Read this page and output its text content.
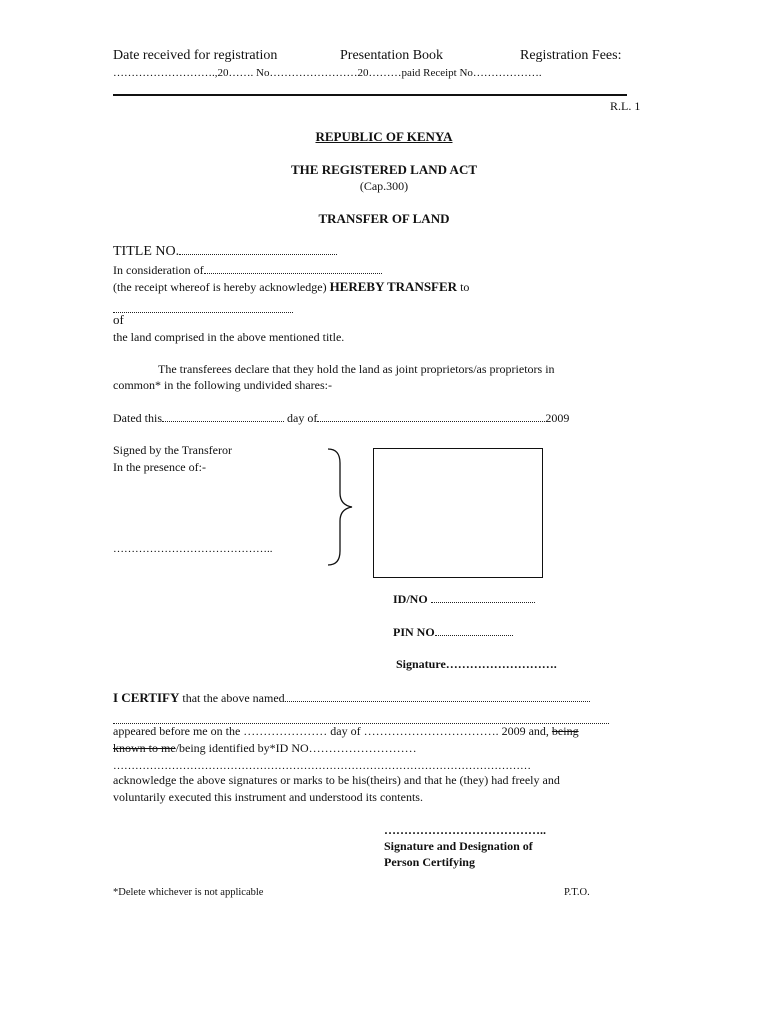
Date received for registration	Presentation Book	Registration Fees:
……………………….,20……. No……………………20………paid Receipt No……………….
R.L. 1
REPUBLIC OF KENYA
THE REGISTERED LAND ACT
(Cap.300)
TRANSFER OF LAND
TITLE NO.
In consideration of
(the receipt whereof is hereby acknowledge) HEREBY TRANSFER to
of
the land comprised in the above mentioned title.
The transferees declare that they hold the land as joint proprietors/as proprietors in
common* in the following undivided shares:-
Dated this	day of	2009
Signed by the Transferor
In the presence of:-
……………………………………..
ID/NO
PIN NO
Signature……………………….
I CERTIFY that the above named
appeared before me on the ………………… day of ……………………………. 2009 and, being
known to me/being identified by*ID NO………………………
……………………………………………………………………………………………………
acknowledge the above signatures or marks to be his(theirs) and that he (they) had freely and
voluntarily executed this instrument and understood its contents.
…………………………………..
Signature and Designation of
Person Certifying
*Delete whichever is not applicable	P.T.O.
